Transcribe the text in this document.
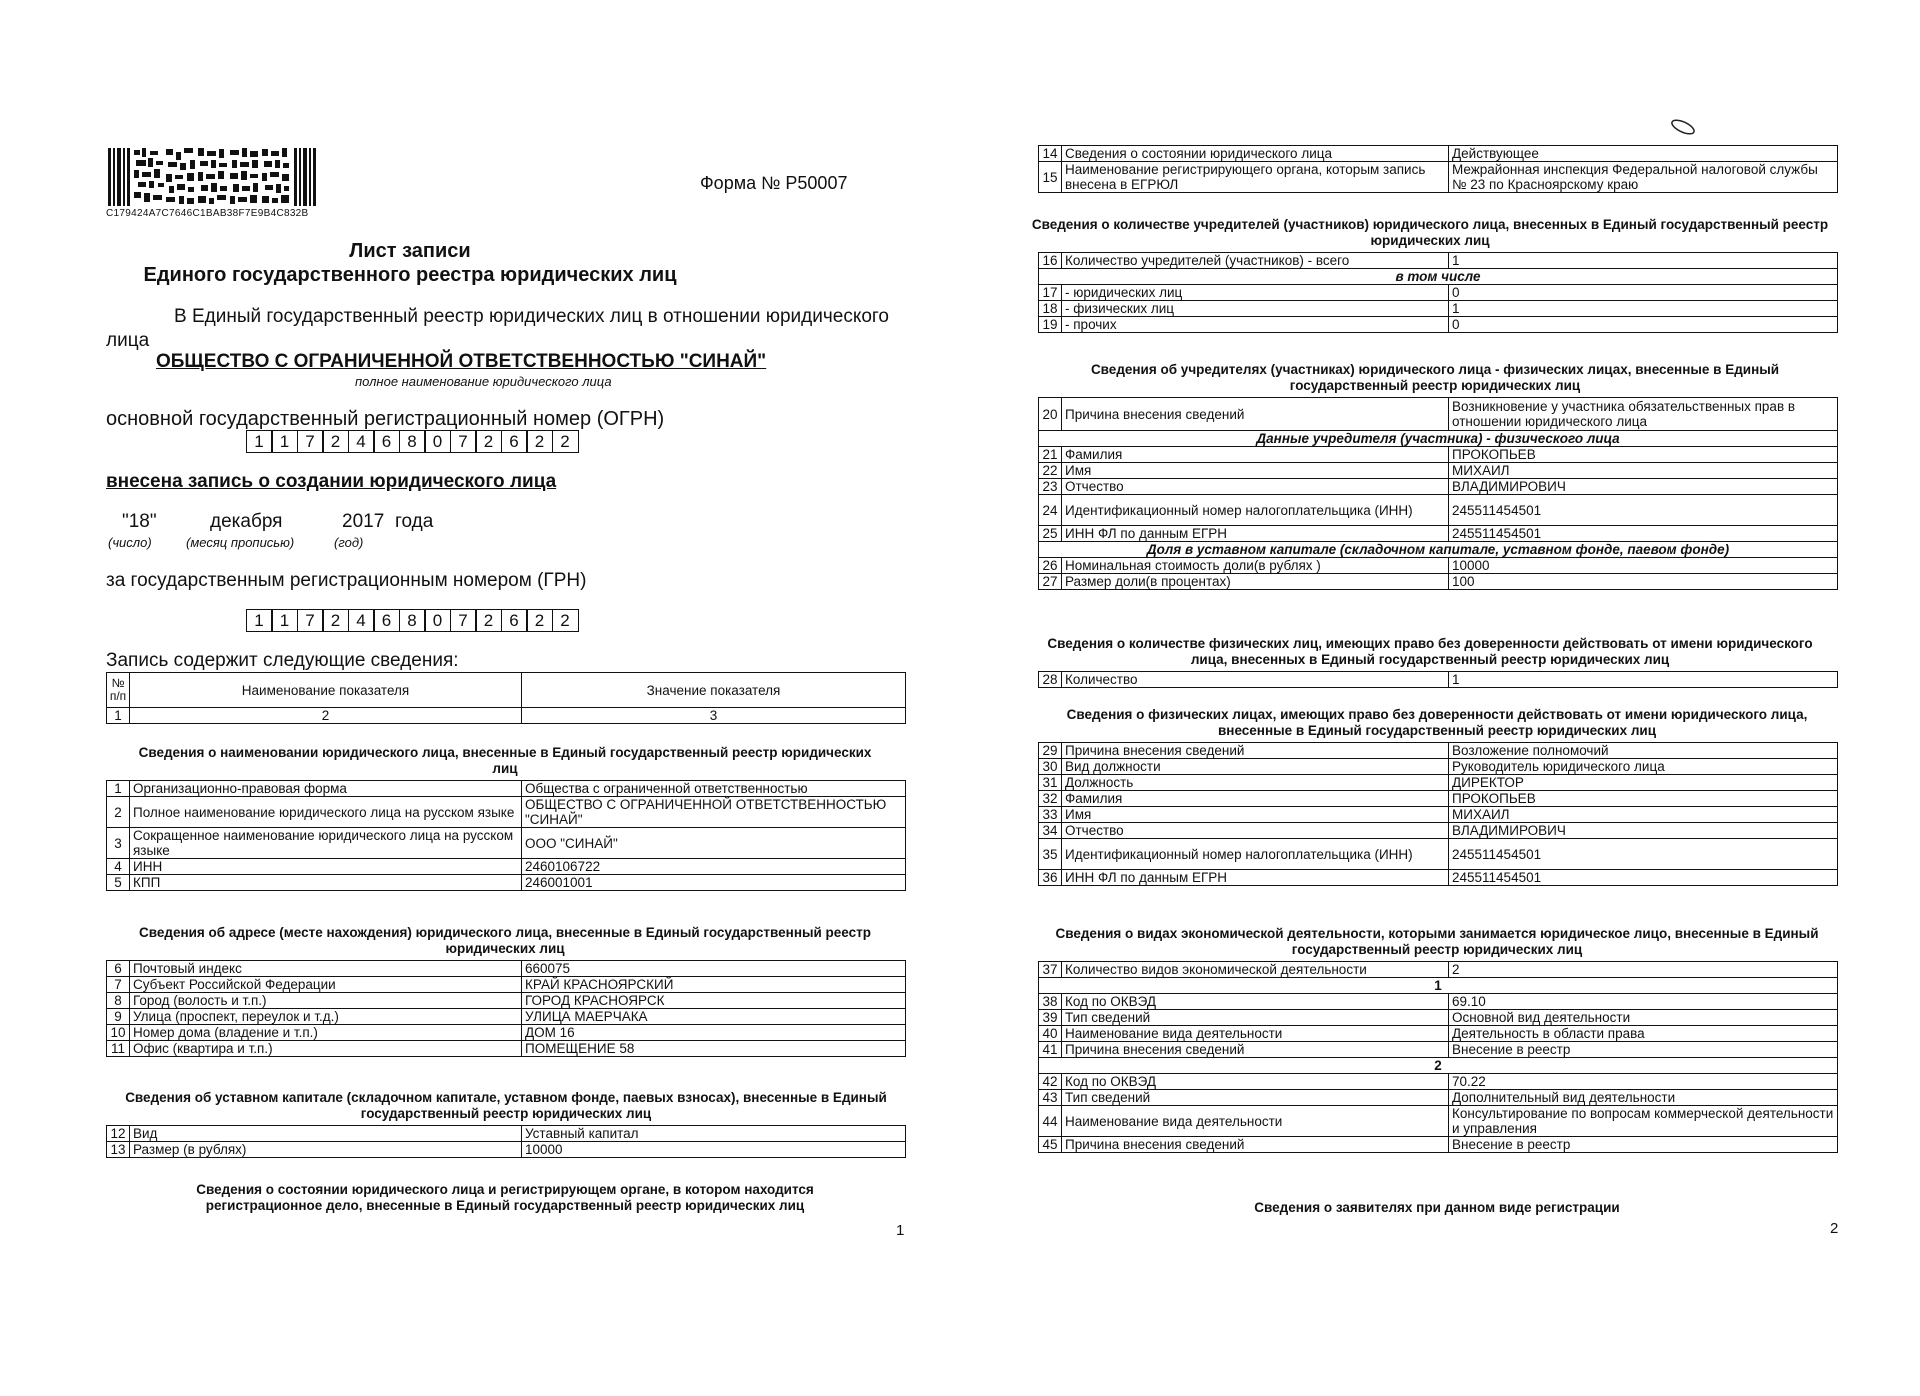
C179424A7C7646C1BAB38F7E9B4C832B
Форма № Р50007
Лист записи
Единого государственного реестра юридических лиц
В Единый государственный реестр юридических лиц в отношении юридического
лица
ОБЩЕСТВО С ОГРАНИЧЕННОЙ ОТВЕТСТВЕННОСТЬЮ "СИНАЙ"
полное наименование юридического лица
основной государственный регистрационный номер (ОГРН)
1 1 7 2 4 6 8 0 7 2 6 2 2
внесена запись о создании юридического лица
"18"	декабря	2017 года
(число)	(месяц прописью)	(год)
за государственным регистрационным номером (ГРН)
1 1 7 2 4 6 8 0 7 2 6 2 2
Запись содержит следующие сведения:
№ п/п	Наименование показателя	Значение показателя
1	2	3
Сведения о наименовании юридического лица, внесенные в Единый государственный реестр юридических лиц
1	Организационно-правовая форма	Общества с ограниченной ответственностью
2	Полное наименование юридического лица на русском языке	ОБЩЕСТВО С ОГРАНИЧЕННОЙ ОТВЕТСТВЕННОСТЬЮ "СИНАЙ"
3	Сокращенное наименование юридического лица на русском языке	ООО "СИНАЙ"
4	ИНН	2460106722
5	КПП	246001001
Сведения об адресе (месте нахождения) юридического лица, внесенные в Единый государственный реестр юридических лиц
6	Почтовый индекс	660075
7	Субъект Российской Федерации	КРАЙ КРАСНОЯРСКИЙ
8	Город (волость и т.п.)	ГОРОД КРАСНОЯРСК
9	Улица (проспект, переулок и т.д.)	УЛИЦА МАЕРЧАКА
10	Номер дома (владение и т.п.)	ДОМ 16
11	Офис (квартира и т.п.)	ПОМЕЩЕНИЕ 58
Сведения об уставном капитале (складочном капитале, уставном фонде, паевых взносах), внесенные в Единый государственный реестр юридических лиц
12	Вид	Уставный капитал
13	Размер (в рублях)	10000
Сведения о состоянии юридического лица и регистрирующем органе, в котором находится регистрационное дело, внесенные в Единый государственный реестр юридических лиц
1
14	Сведения о состоянии юридического лица	Действующее
15	Наименование регистрирующего органа, которым запись внесена в ЕГРЮЛ	Межрайонная инспекция Федеральной налоговой службы № 23 по Красноярскому краю
Сведения о количестве учредителей (участников) юридического лица, внесенных в Единый государственный реестр юридических лиц
16	Количество учредителей (участников) - всего	1
в том числе		
17	- юридических лиц	0
18	- физических лиц	1
19	- прочих	0
Сведения об учредителях (участниках) юридического лица - физических лицах, внесенные в Единый государственный реестр юридических лиц
20	Причина внесения сведений	Возникновение у участника обязательственных прав в отношении юридического лица
Данные учредителя (участника) - физического лица		
21	Фамилия	ПРОКОПЬЕВ
22	Имя	МИХАИЛ
23	Отчество	ВЛАДИМИРОВИЧ
24	Идентификационный номер налогоплательщика (ИНН)	245511454501
25	ИНН ФЛ по данным ЕГРН	245511454501
Доля в уставном капитале (складочном капитале, уставном фонде, паевом фонде)		
26	Номинальная стоимость доли(в рублях )	10000
27	Размер доли(в процентах)	100
Сведения о количестве физических лиц, имеющих право без доверенности действовать от имени юридического лица, внесенных в Единый государственный реестр юридических лиц
28	Количество	1
Сведения о физических лицах, имеющих право без доверенности действовать от имени юридического лица, внесенные в Единый государственный реестр юридических лиц
29	Причина внесения сведений	Возложение полномочий
30	Вид должности	Руководитель юридического лица
31	Должность	ДИРЕКТОР
32	Фамилия	ПРОКОПЬЕВ
33	Имя	МИХАИЛ
34	Отчество	ВЛАДИМИРОВИЧ
35	Идентификационный номер налогоплательщика (ИНН)	245511454501
36	ИНН ФЛ по данным ЕГРН	245511454501
Сведения о видах экономической деятельности, которыми занимается юридическое лицо, внесенные в Единый государственный реестр юридических лиц
37	Количество видов экономической деятельности	2
1		
38	Код по ОКВЭД	69.10
39	Тип сведений	Основной вид деятельности
40	Наименование вида деятельности	Деятельность в области права
41	Причина внесения сведений	Внесение в реестр
2		
42	Код по ОКВЭД	70.22
43	Тип сведений	Дополнительный вид деятельности
44	Наименование вида деятельности	Консультирование по вопросам коммерческой деятельности и управления
45	Причина внесения сведений	Внесение в реестр
Сведения о заявителях при данном виде регистрации
2
